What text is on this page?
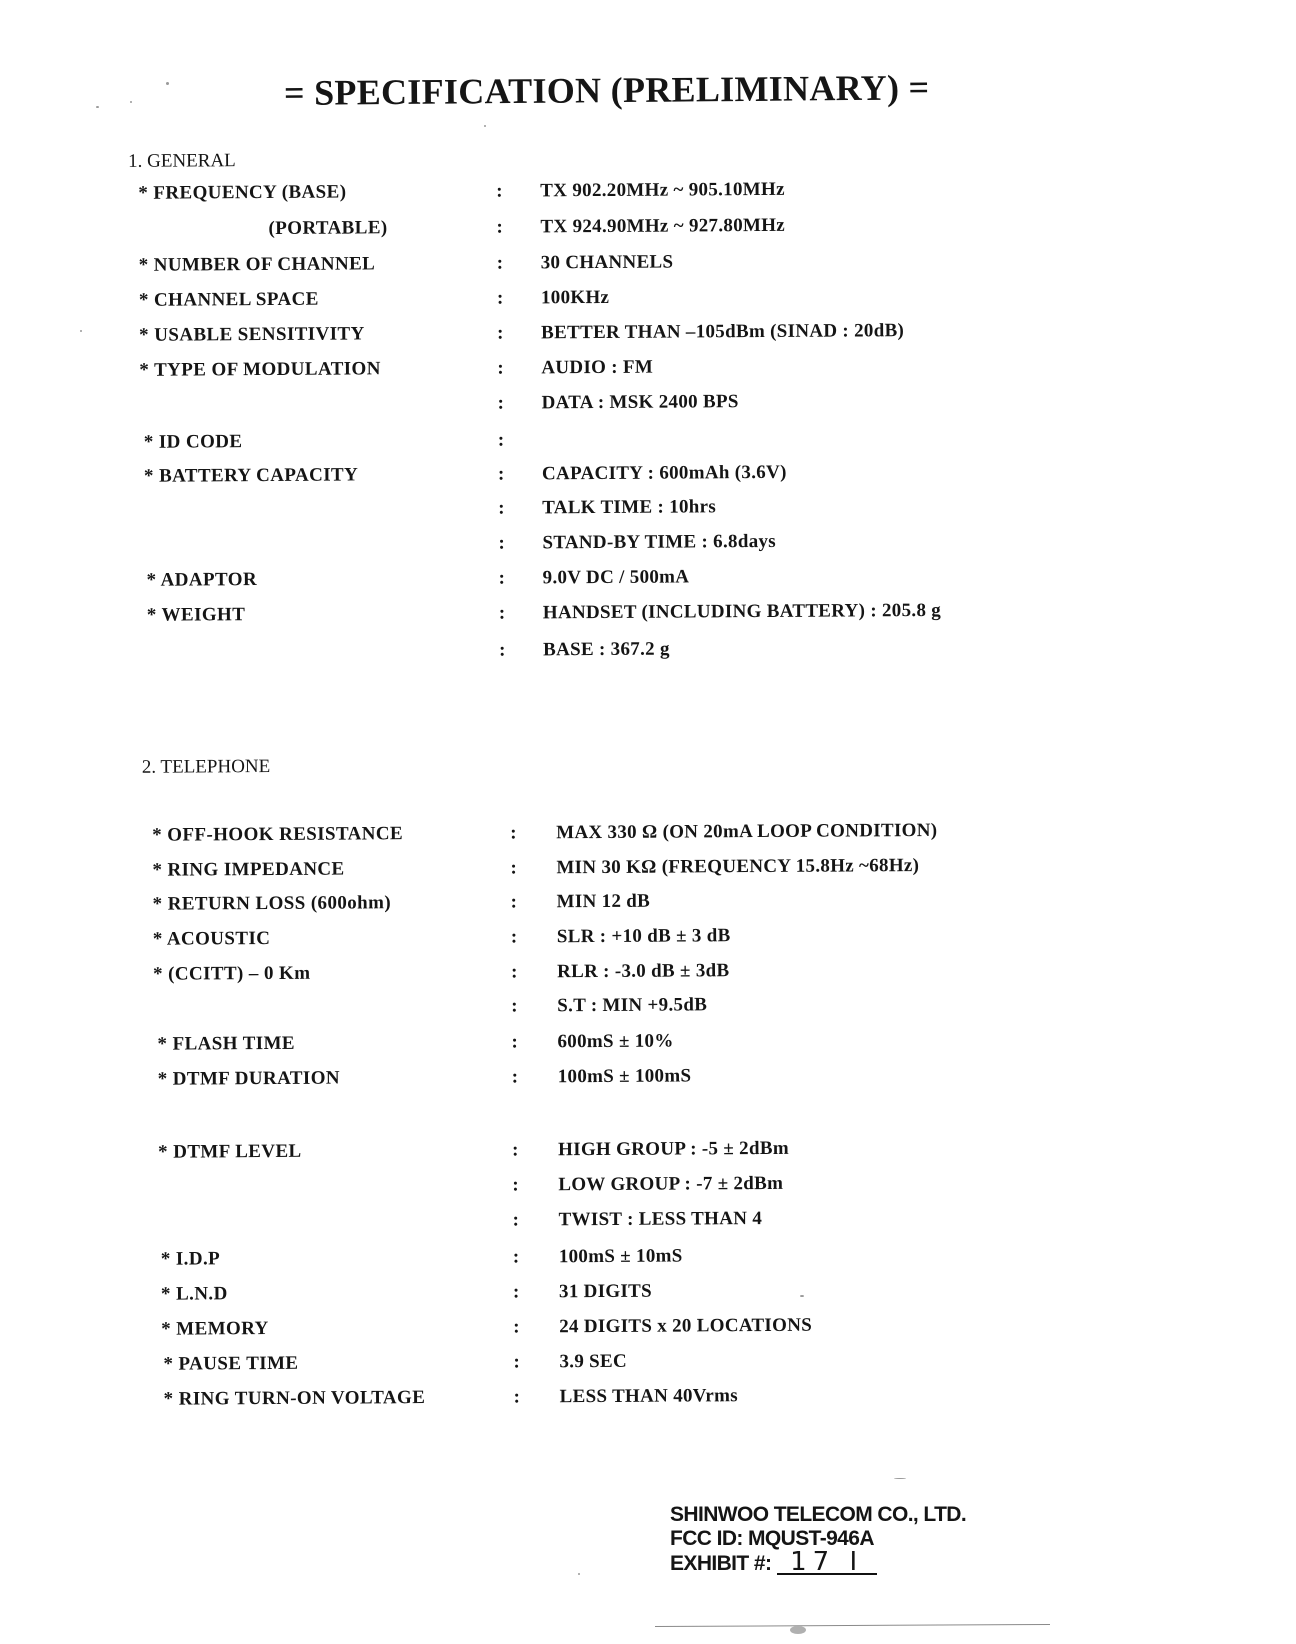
= SPECIFICATION (PRELIMINARY) =
1. GENERAL
2. TELEPHONE
* FREQUENCY (BASE)	: TX 902.20MHz ~ 905.10MHz
(PORTABLE)	: TX 924.90MHz ~ 927.80MHz
* NUMBER OF CHANNEL	: 30 CHANNELS
* CHANNEL SPACE	: 100KHz
* USABLE SENSITIVITY	: BETTER THAN –105dBm (SINAD : 20dB)
* TYPE OF MODULATION	: AUDIO : FM
: DATA : MSK 2400 BPS
* ID CODE	:
* BATTERY CAPACITY	: CAPACITY : 600mAh (3.6V)
: TALK TIME : 10hrs
: STAND-BY TIME : 6.8days
* ADAPTOR	: 9.0V DC / 500mA
* WEIGHT	: HANDSET (INCLUDING BATTERY) : 205.8 g
: BASE : 367.2 g
* OFF-HOOK RESISTANCE	: MAX 330 Ω (ON 20mA LOOP CONDITION)
* RING IMPEDANCE	: MIN 30 KΩ (FREQUENCY 15.8Hz ~68Hz)
* RETURN LOSS (600ohm)	: MIN 12 dB
* ACOUSTIC	: SLR : +10 dB ± 3 dB
* (CCITT) – 0 Km	: RLR : -3.0 dB ± 3dB
: S.T : MIN +9.5dB
* FLASH TIME	: 600mS ± 10%
* DTMF DURATION	: 100mS ± 100mS
* DTMF LEVEL	: HIGH GROUP : -5 ± 2dBm
: LOW GROUP : -7 ± 2dBm
: TWIST : LESS THAN 4
* I.D.P	: 100mS ± 10mS
* L.N.D	: 31 DIGITS
* MEMORY	: 24 DIGITS x 20 LOCATIONS
* PAUSE TIME	: 3.9 SEC
* RING TURN-ON VOLTAGE	: LESS THAN 40Vrms
SHINWOO TELECOM CO., LTD.
FCC ID: MQUST-946A
EXHIBIT #: 17 I
